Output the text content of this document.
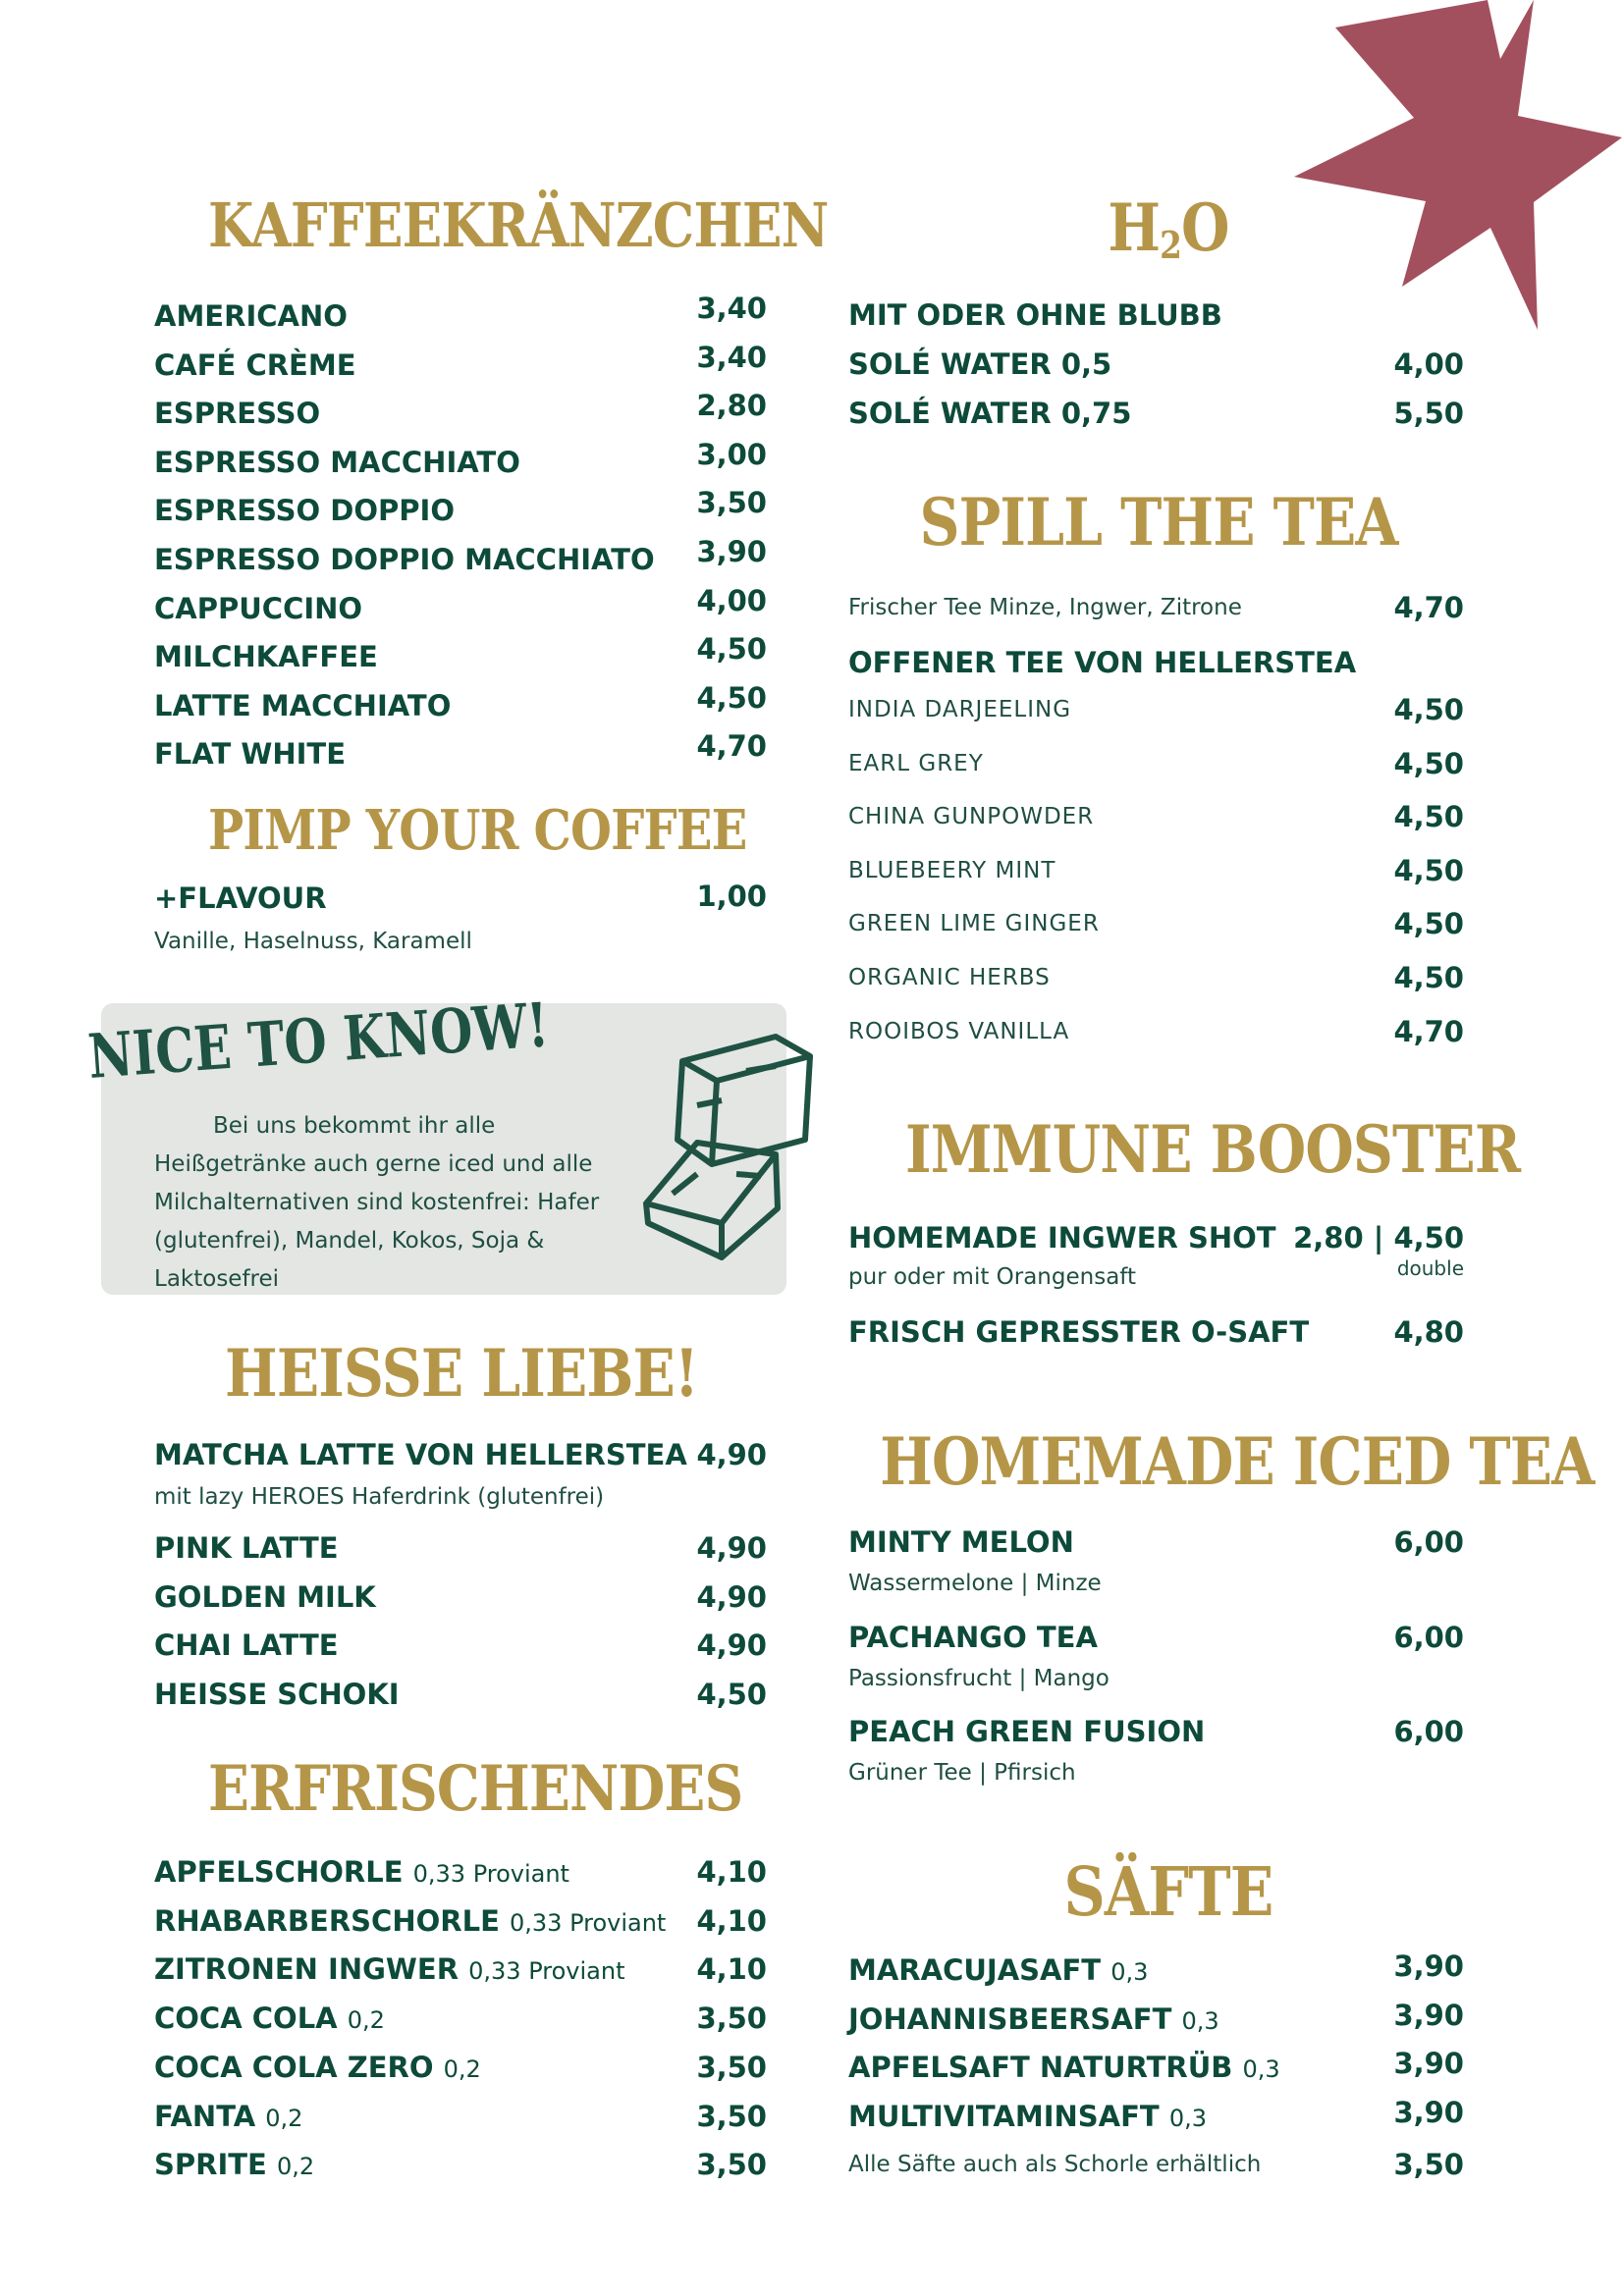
KAFFEEKRÄNZCHEN
AMERICANO	3,40
CAFÉ CRÈME	3,40
ESPRESSO	2,80
ESPRESSO MACCHIATO	3,00
ESPRESSO DOPPIO	3,50
ESPRESSO DOPPIO MACCHIATO 3,90
CAPPUCCINO	4,00
MILCHKAFFEE	4,50
LATTE MACCHIATO	4,50
FLAT WHITE	4,70
PIMP YOUR COFFEE
+FLAVOUR	1,00
Vanille, Haselnuss, Karamell
NICE TO KNOW!
Bei uns bekommt ihr alle Heißgetränke auch gerne iced und alle Milchalternativen sind kostenfrei: Hafer (glutenfrei), Mandel, Kokos, Soja & Laktosefrei
HEISSE LIEBE!
MATCHA LATTE VON HELLERSTEA 4,90
mit lazy HEROES Haferdrink (glutenfrei)
PINK LATTE	4,90
GOLDEN MILK	4,90
CHAI LATTE	4,90
HEISSE SCHOKI	4,50
ERFRISCHENDES
APFELSCHORLE 0,33 Proviant	4,10
RHABARBERSCHORLE 0,33 Proviant 4,10
ZITRONEN INGWER 0,33 Proviant	4,10
COCA COLA 0,2	3,50
COCA COLA ZERO 0,2	3,50
FANTA 0,2	3,50
SPRITE 0,2	3,50
H2O
MIT ODER OHNE BLUBB
SOLÉ WATER 0,5	4,00
SOLÉ WATER 0,75	5,50
SPILL THE TEA
Frischer Tee Minze, Ingwer, Zitrone	4,70
OFFENER TEE VON HELLERSTEA
INDIA DARJEELING	4,50
EARL GREY	4,50
CHINA GUNPOWDER	4,50
BLUEBEERY MINT	4,50
GREEN LIME GINGER	4,50
ORGANIC HERBS	4,50
ROOIBOS VANILLA	4,70
IMMUNE BOOSTER
HOMEMADE INGWER SHOT 2,80 | 4,50
double
pur oder mit Orangensaft
FRISCH GEPRESSTER O-SAFT	4,80
HOMEMADE ICED TEA
MINTY MELON	6,00
Wassermelone | Minze
PACHANGO TEA	6,00
Passionsfrucht | Mango
PEACH GREEN FUSION	6,00
Grüner Tee | Pfirsich
SÄFTE
MARACUJASAFT 0,3	3,90
JOHANNISBEERSAFT 0,3	3,90
APFELSAFT NATURTRÜB 0,3	3,90
MULTIVITAMINSAFT 0,3	3,90
Alle Säfte auch als Schorle erhältlich	3,50
